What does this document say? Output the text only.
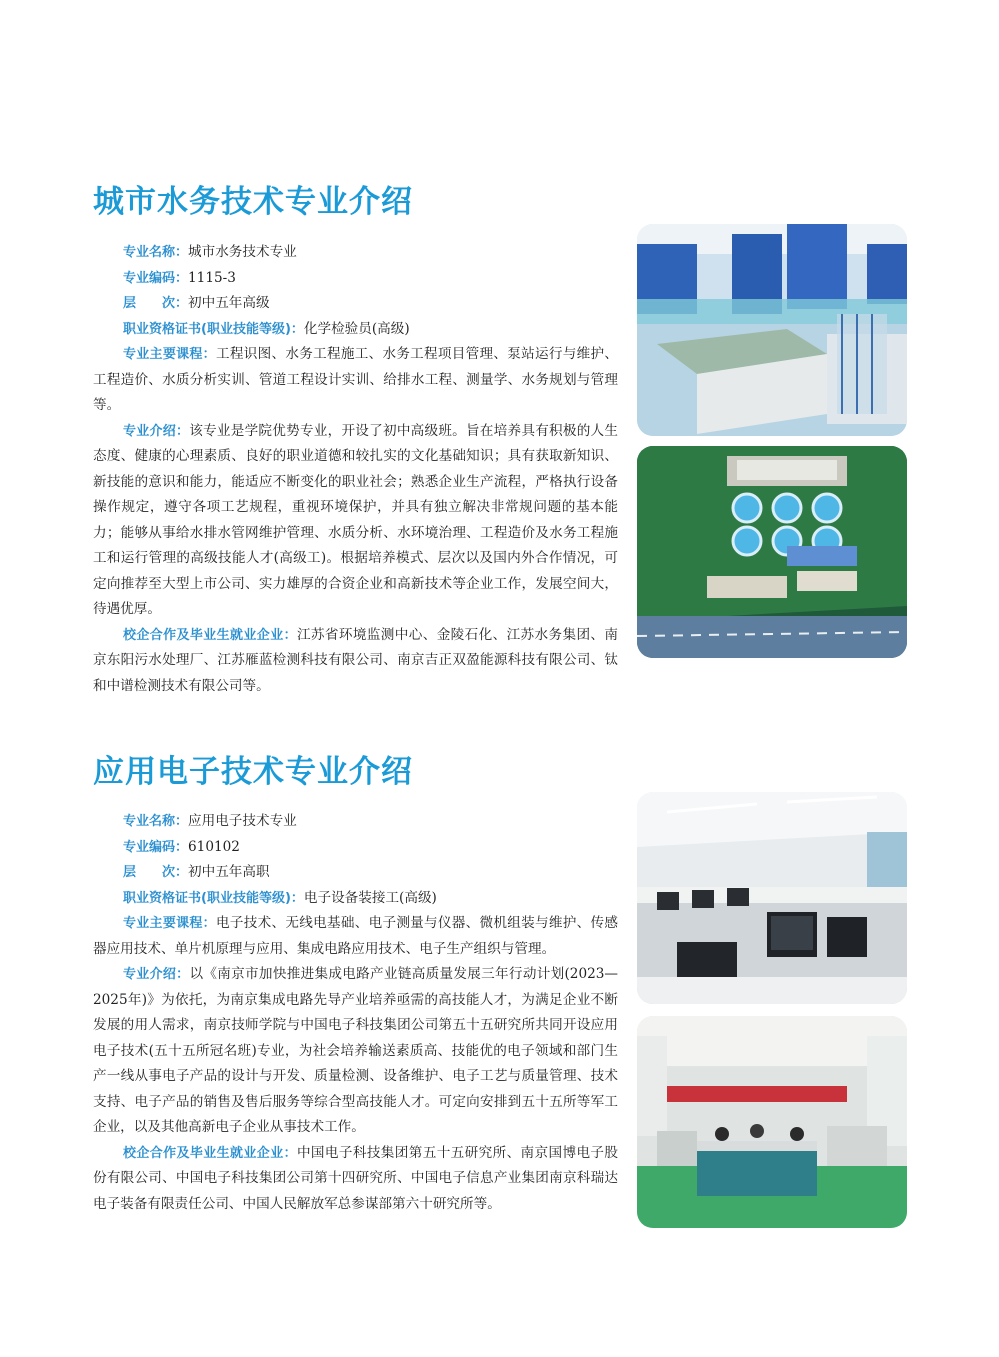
城市水务技术专业介绍

专业名称：城市水务技术专业

专业编码：1115-3

层　　次：初中五年高级

职业资格证书(职业技能等级)：化学检验员(高级)

专业主要课程：工程识图、水务工程施工、水务工程项目管理、泵站运行与维护、工程造价、水质分析实训、管道工程设计实训、给排水工程、测量学、水务规划与管理等。

专业介绍：该专业是学院优势专业，开设了初中高级班。旨在培养具有积极的人生态度、健康的心理素质、良好的职业道德和较扎实的文化基础知识；具有获取新知识、新技能的意识和能力，能适应不断变化的职业社会；熟悉企业生产流程，严格执行设备操作规定，遵守各项工艺规程，重视环境保护，并具有独立解决非常规问题的基本能力；能够从事给水排水管网维护管理、水质分析、水环境治理、工程造价及水务工程施工和运行管理的高级技能人才(高级工)。根据培养模式、层次以及国内外合作情况，可定向推荐至大型上市公司、实力雄厚的合资企业和高新技术等企业工作，发展空间大，待遇优厚。

校企合作及毕业生就业企业：江苏省环境监测中心、金陵石化、江苏水务集团、南京东阳污水处理厂、江苏雁蓝检测科技有限公司、南京吉正双盈能源科技有限公司、钛和中谱检测技术有限公司等。

应用电子技术专业介绍

专业名称：应用电子技术专业

专业编码：610102

层　　次：初中五年高职

职业资格证书(职业技能等级)：电子设备装接工(高级)

专业主要课程：电子技术、无线电基础、电子测量与仪器、微机组装与维护、传感器应用技术、单片机原理与应用、集成电路应用技术、电子生产组织与管理。

专业介绍：以《南京市加快推进集成电路产业链高质量发展三年行动计划(2023—2025年)》为依托，为南京集成电路先导产业培养亟需的高技能人才，为满足企业不断发展的用人需求，南京技师学院与中国电子科技集团公司第五十五研究所共同开设应用电子技术(五十五所冠名班)专业，为社会培养输送素质高、技能优的电子领域和部门生产一线从事电子产品的设计与开发、质量检测、设备维护、电子工艺与质量管理、技术支持、电子产品的销售及售后服务等综合型高技能人才。可定向安排到五十五所等军工企业，以及其他高新电子企业从事技术工作。

校企合作及毕业生就业企业：中国电子科技集团第五十五研究所、南京国博电子股份有限公司、中国电子科技集团公司第十四研究所、中国电子信息产业集团南京科瑞达电子装备有限责任公司、中国人民解放军总参谋部第六十研究所等。
